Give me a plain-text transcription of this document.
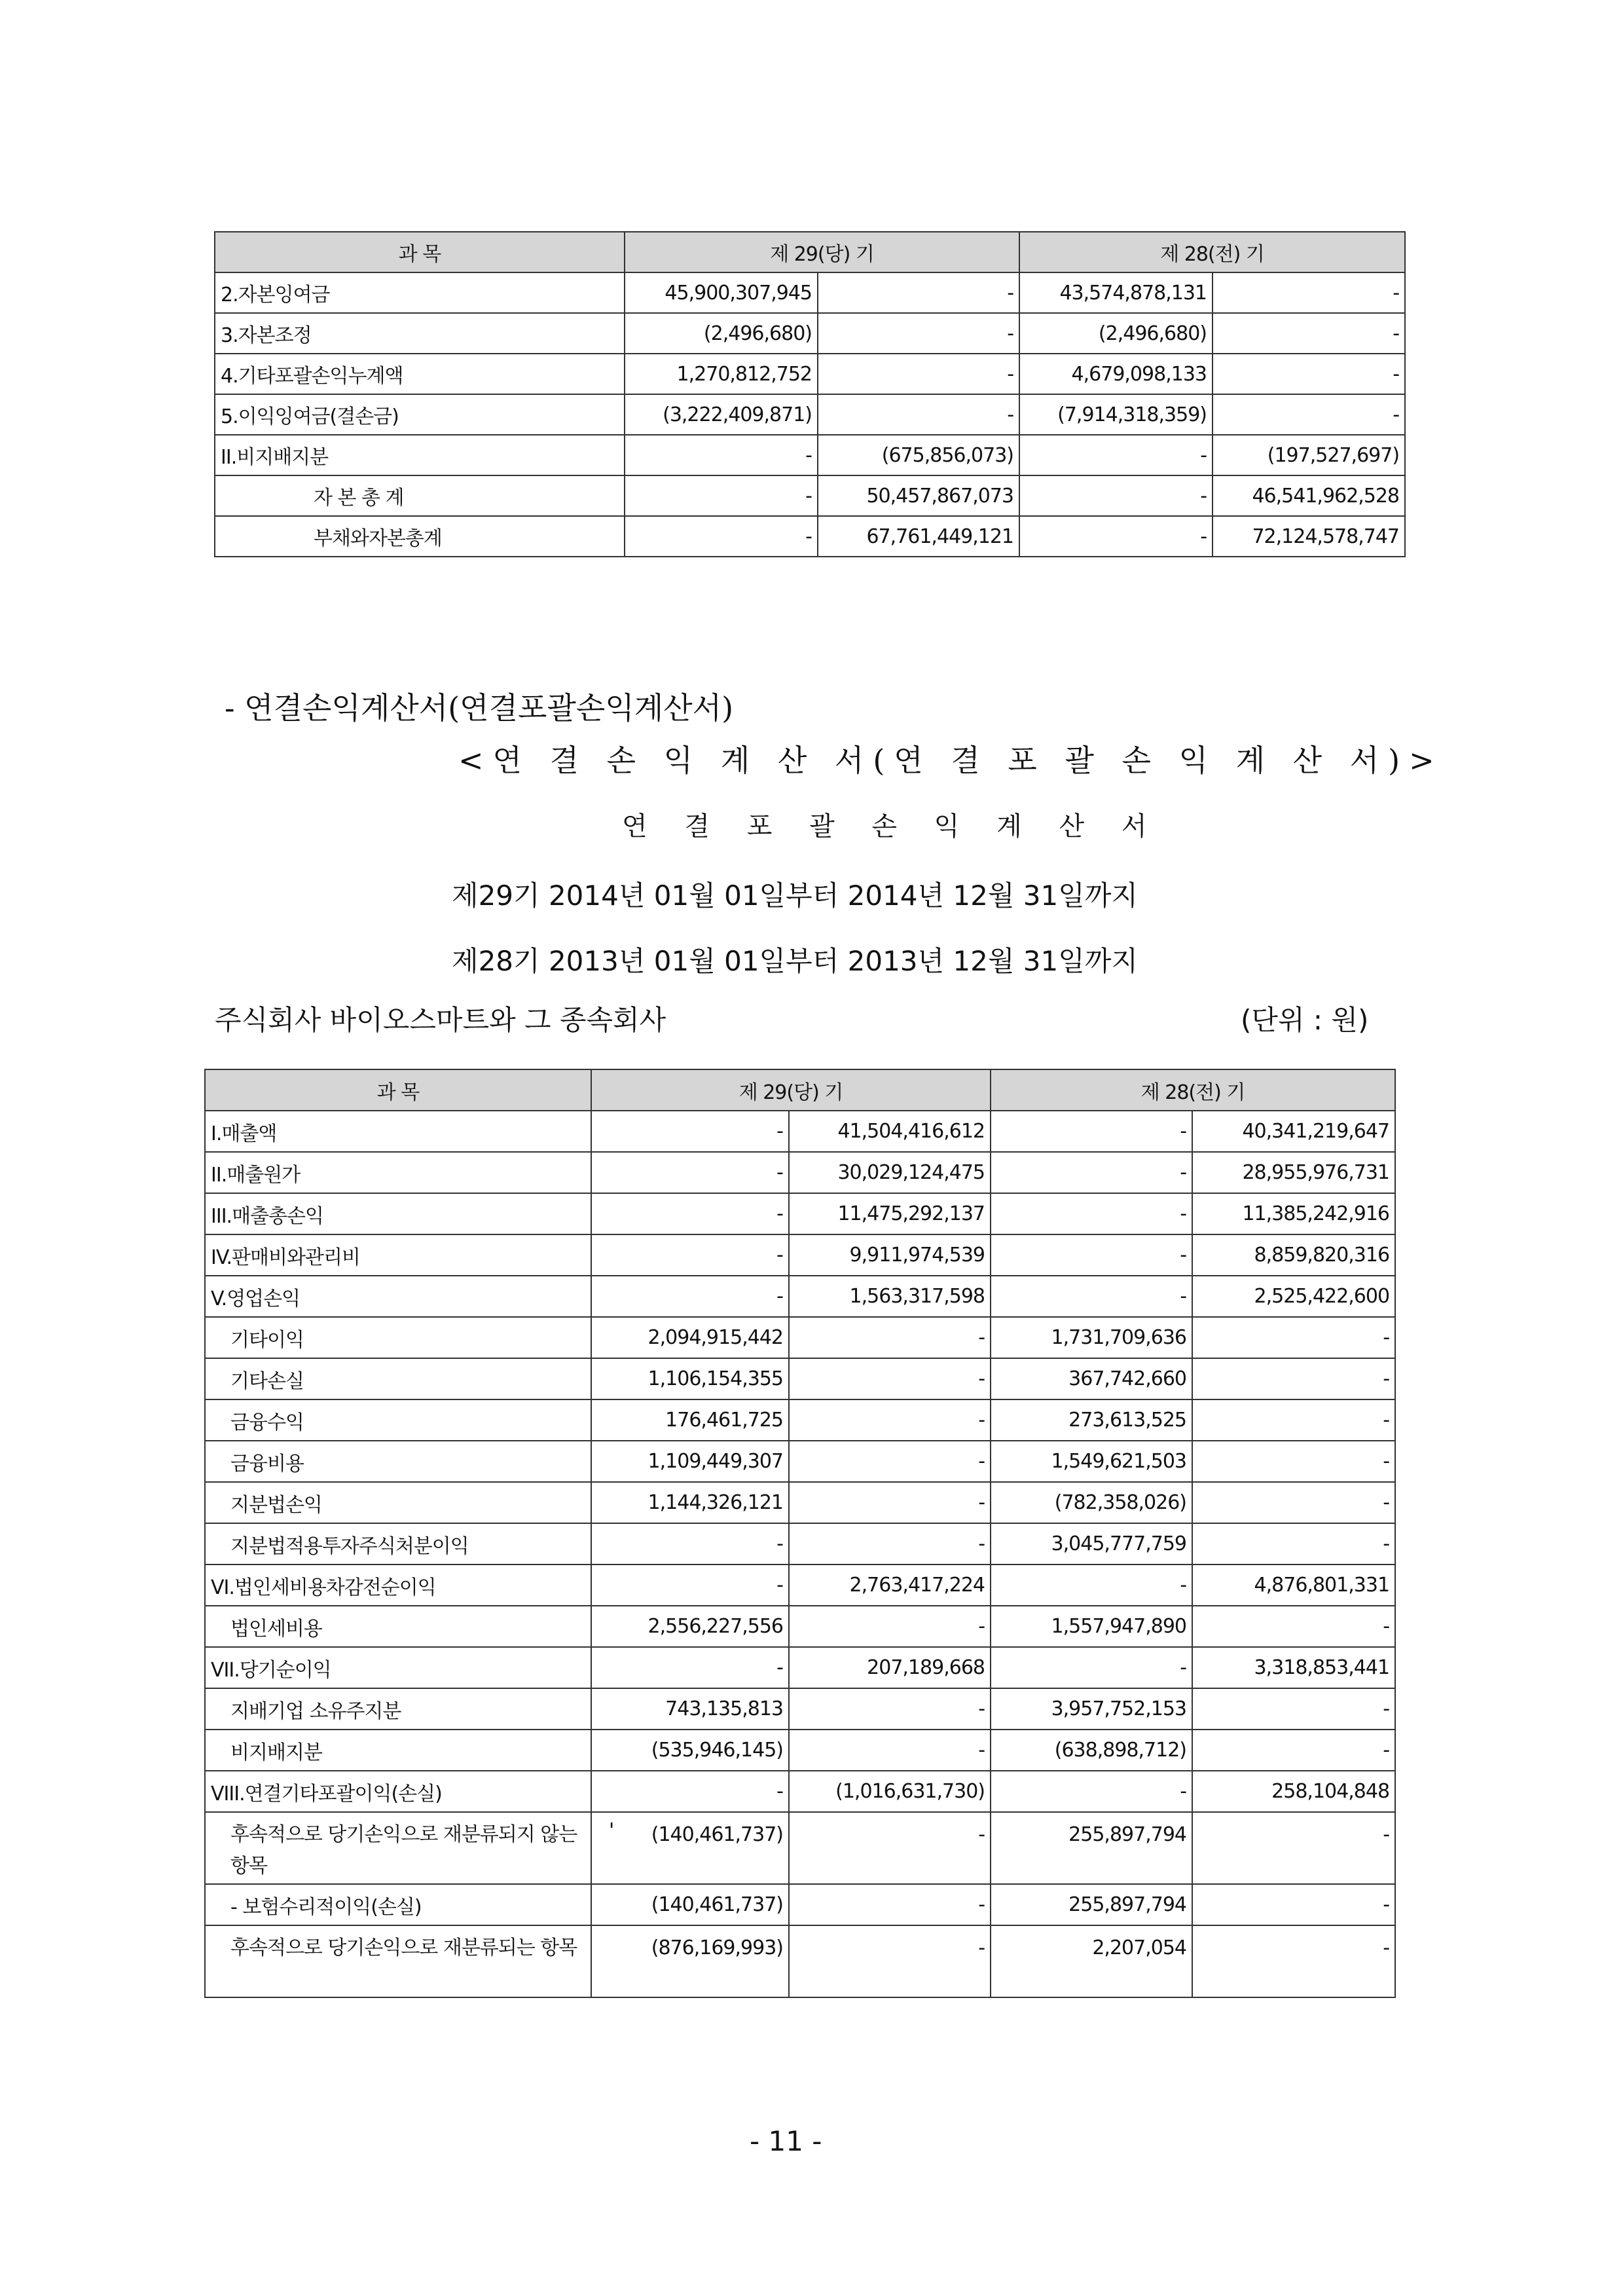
과 목	제 29(당) 기		제 28(전) 기	
2.자본잉여금	45,900,307,945	-	43,574,878,131	-
3.자본조정	(2,496,680)	-	(2,496,680)	-
4.기타포괄손익누계액	1,270,812,752	-	4,679,098,133	-
5.이익잉여금(결손금)	(3,222,409,871)	-	(7,914,318,359)	-
II.비지배지분	-	(675,856,073)	-	(197,527,697)
자 본 총 계	-	50,457,867,073	-	46,541,962,528
부채와자본총계	-	67,761,449,121	-	72,124,578,747
- 연결손익계산서(연결포괄손익계산서)
<연 결 손 익 계 산 서(연 결 포 괄 손 익 계 산 서)>
연 결 포 괄 손 익 계 산 서
제29기 2014년 01월 01일부터 2014년 12월 31일까지
제28기 2013년 01월 01일부터 2013년 12월 31일까지
주식회사 바이오스마트와 그 종속회사	(단위 : 원)
과 목	제 29(당) 기		제 28(전) 기	
I.매출액	-	41,504,416,612	-	40,341,219,647
II.매출원가	-	30,029,124,475	-	28,955,976,731
III.매출총손익	-	11,475,292,137	-	11,385,242,916
IV.판매비와관리비	-	9,911,974,539	-	8,859,820,316
V.영업손익	-	1,563,317,598	-	2,525,422,600
기타이익	2,094,915,442	-	1,731,709,636	-
기타손실	1,106,154,355	-	367,742,660	-
금융수익	176,461,725	-	273,613,525	-
금융비용	1,109,449,307	-	1,549,621,503	-
지분법손익	1,144,326,121	-	(782,358,026)	-
지분법적용투자주식처분이익	-	-	3,045,777,759	-
VI.법인세비용차감전순이익	-	2,763,417,224	-	4,876,801,331
법인세비용	2,556,227,556	-	1,557,947,890	-
VII.당기순이익	-	207,189,668	-	3,318,853,441
지배기업 소유주지분	743,135,813	-	3,957,752,153	-
비지배지분	(535,946,145)	-	(638,898,712)	-
VIII.연결기타포괄이익(손실)	-	(1,016,631,730)	-	258,104,848
후속적으로 당기손익으로 재분류되지 않는 항목	(140,461,737)	-	255,897,794	-
- 보험수리적이익(손실)	(140,461,737)	-	255,897,794	-
후속적으로 당기손익으로 재분류되는 항목	(876,169,993)	-	2,207,054	-
'
- 11 -
